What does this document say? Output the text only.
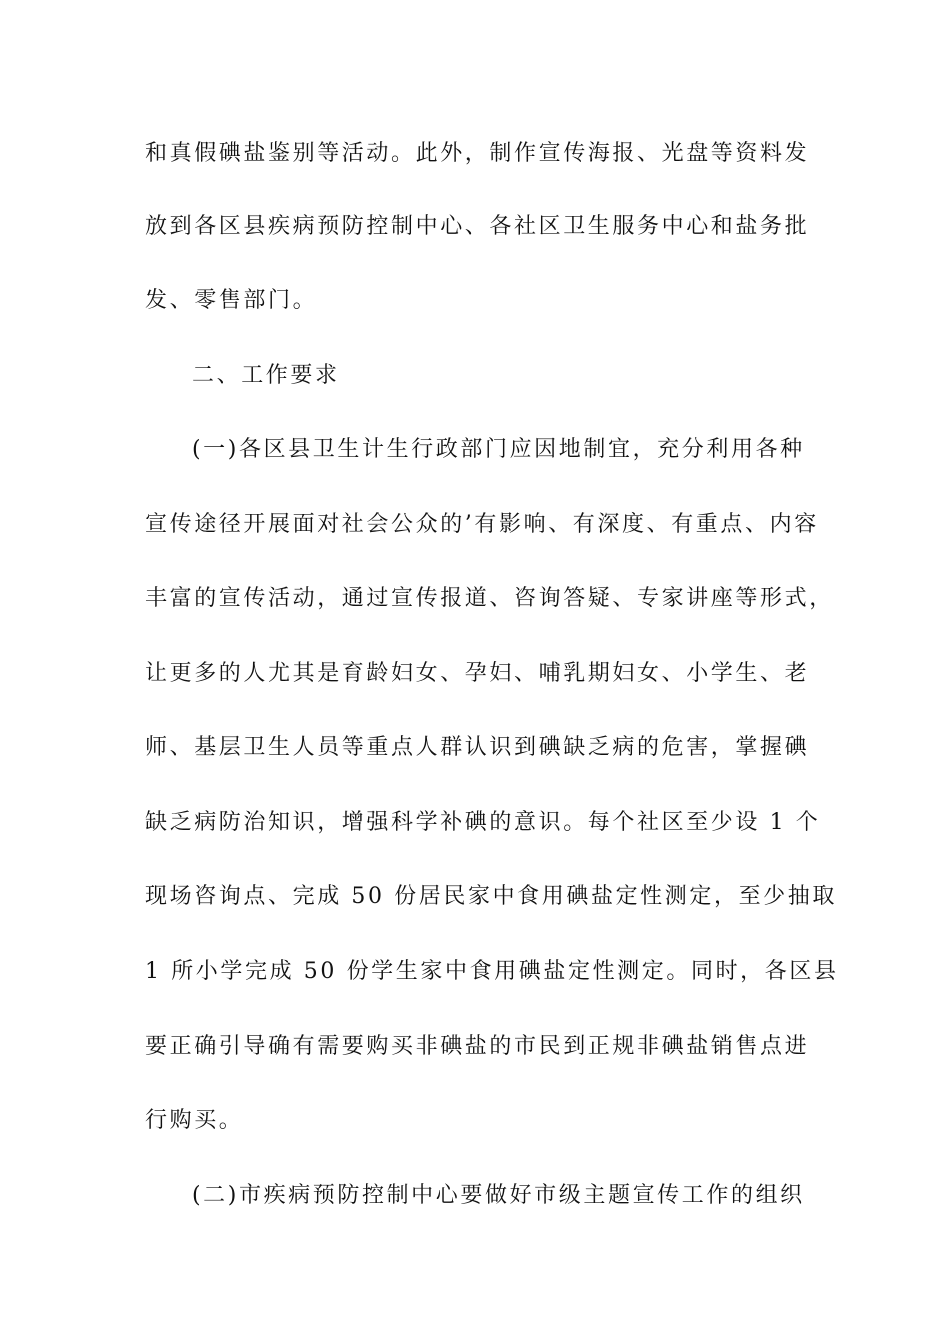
和真假碘盐鉴别等活动。此外，制作宣传海报、光盘等资料发
放到各区县疾病预防控制中心、各社区卫生服务中心和盐务批
发、零售部门。
二、工作要求
(一)各区县卫生计生行政部门应因地制宜，充分利用各种
宣传途径开展面对社会公众的’有影响、有深度、有重点、内容
丰富的宣传活动，通过宣传报道、咨询答疑、专家讲座等形式，
让更多的人尤其是育龄妇女、孕妇、哺乳期妇女、小学生、老
师、基层卫生人员等重点人群认识到碘缺乏病的危害，掌握碘
缺乏病防治知识，增强科学补碘的意识。每个社区至少设 1 个
现场咨询点、完成 50 份居民家中食用碘盐定性测定，至少抽取
1 所小学完成 50 份学生家中食用碘盐定性测定。同时，各区县
要正确引导确有需要购买非碘盐的市民到正规非碘盐销售点进
行购买。
(二)市疾病预防控制中心要做好市级主题宣传工作的组织
